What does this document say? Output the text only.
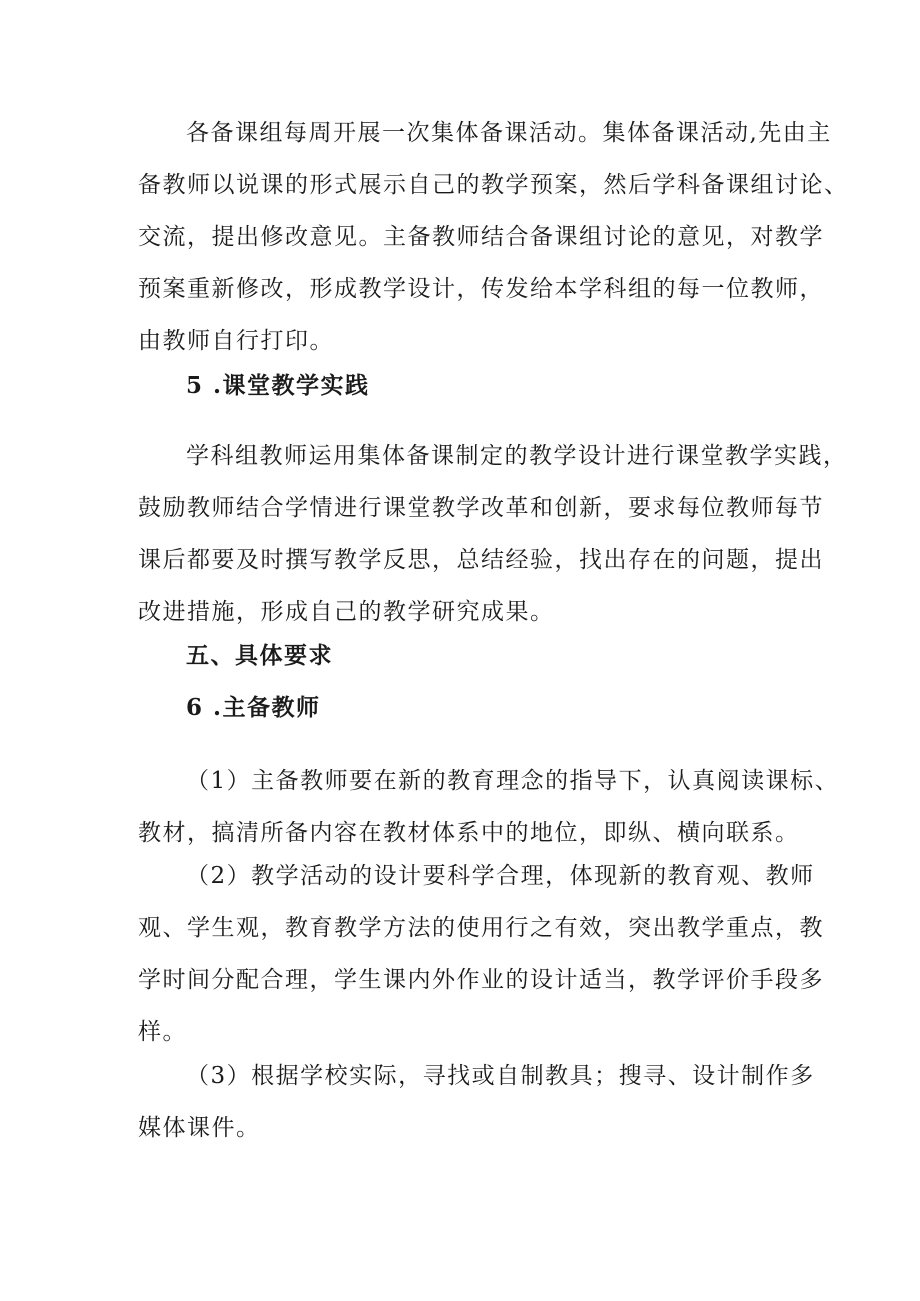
各备课组每周开展一次集体备课活动。集体备课活动,先由主
备教师以说课的形式展示自己的教学预案，然后学科备课组讨论、
交流，提出修改意见。主备教师结合备课组讨论的意见，对教学
预案重新修改，形成教学设计，传发给本学科组的每一位教师，
由教师自行打印。
5 .课堂教学实践
学科组教师运用集体备课制定的教学设计进行课堂教学实践，
鼓励教师结合学情进行课堂教学改革和创新，要求每位教师每节
课后都要及时撰写教学反思，总结经验，找出存在的问题，提出
改进措施，形成自己的教学研究成果。
五、具体要求
6 .主备教师
（1）主备教师要在新的教育理念的指导下，认真阅读课标、
教材，搞清所备内容在教材体系中的地位，即纵、横向联系。
（2）教学活动的设计要科学合理，体现新的教育观、教师
观、学生观，教育教学方法的使用行之有效，突出教学重点，教
学时间分配合理，学生课内外作业的设计适当，教学评价手段多
样。
（3）根据学校实际，寻找或自制教具；搜寻、设计制作多
媒体课件。
